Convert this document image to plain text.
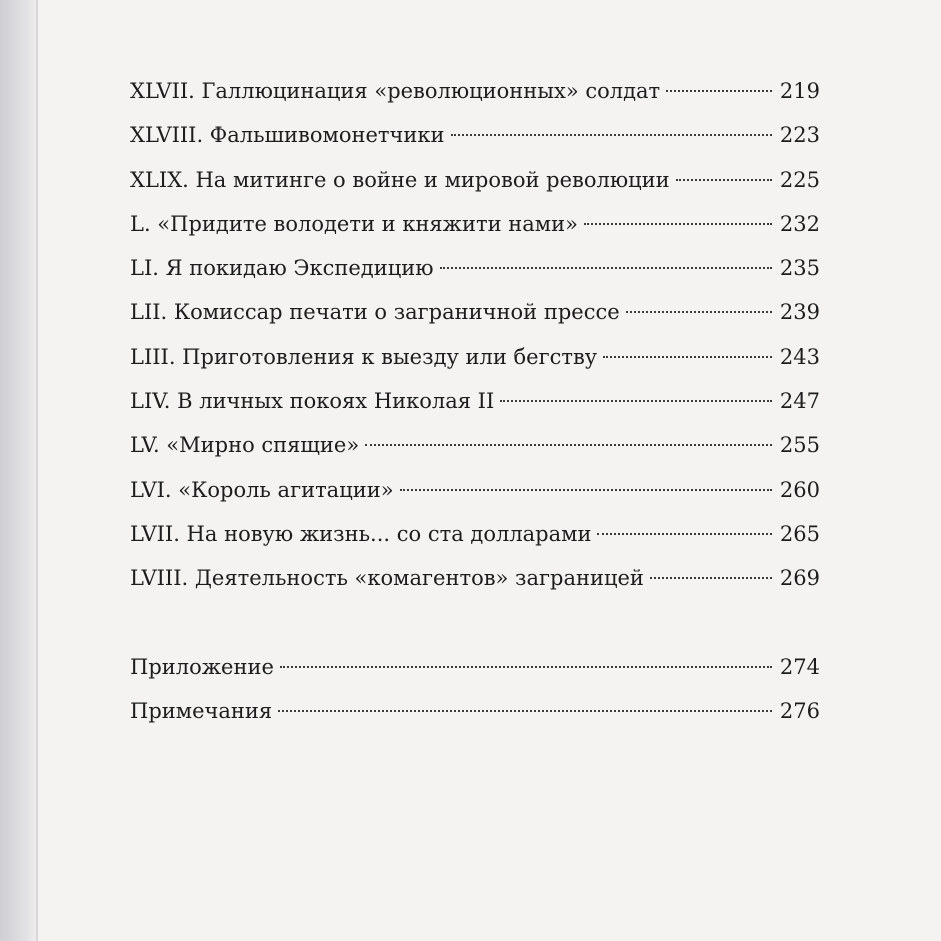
XLVII. Галлюцинация «революционных» солдат	219
XLVIII. Фальшивомонетчики	223
XLIX. На митинге о войне и мировой революции	225
L. «Придите володети и княжити нами»	232
LI. Я покидаю Экспедицию	235
LII. Комиссар печати о заграничной прессе	239
LIII. Приготовления к выезду или бегству	243
LIV. В личных покоях Николая II	247
LV. «Мирно спящие»	255
LVI. «Король агитации»	260
LVII. На новую жизнь... со ста долларами	265
LVIII. Деятельность «комагентов» заграницей	269
Приложение	274
Примечания	276
